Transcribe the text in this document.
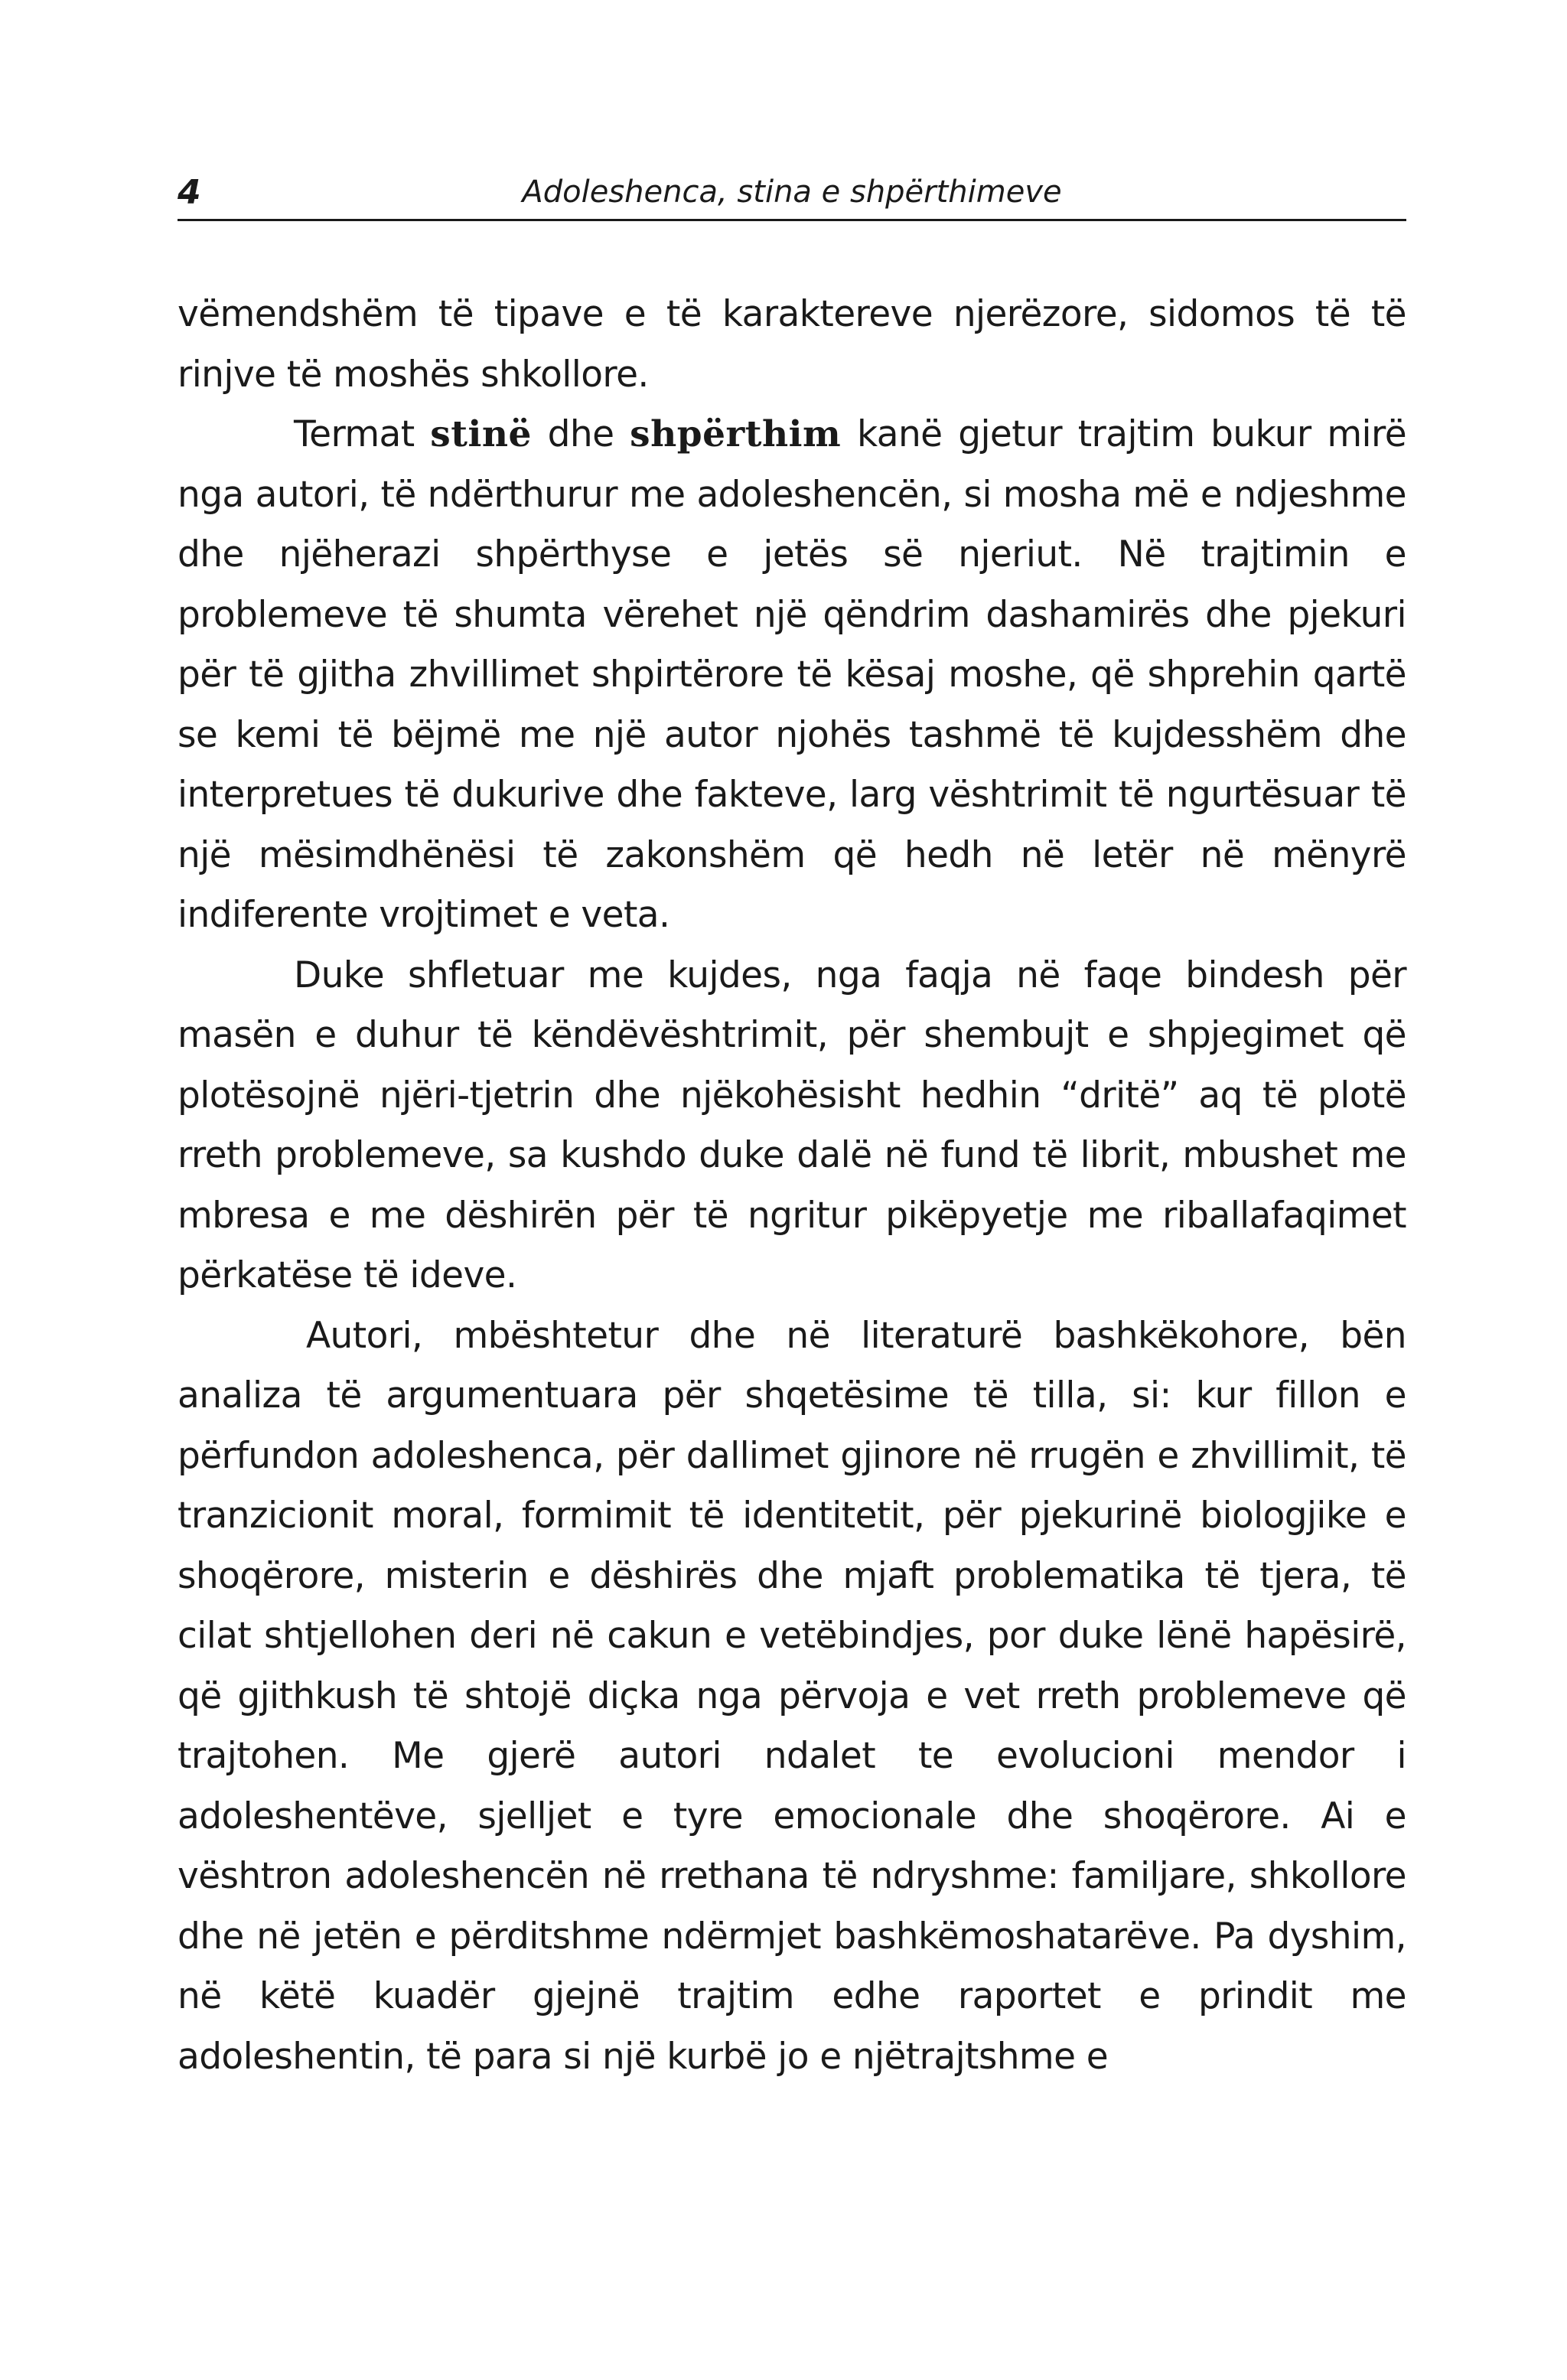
4	Adoleshenca, stina e shpërthimeve

vëmendshëm të tipave e të karaktereve njerëzore, sidomos të të rinjve të moshës shkollore.

Termat stinë dhe shpërthim kanë gjetur trajtim bukur mirë nga autori, të ndërthurur me adoleshencën, si mosha më e ndjeshme dhe njëherazi shpërthyse e jetës së njeriut. Në trajtimin e problemeve të shumta vërehet një qëndrim dashamirës dhe pjekuri për të gjitha zhvillimet shpirtërore të kësaj moshe, që shprehin qartë se kemi të bëjmë me një autor njohës tashmë të kujdesshëm dhe interpretues të dukurive dhe fakteve, larg vështrimit të ngurtësuar të një mësimdhënësi të zakonshëm që hedh në letër në mënyrë indiferente vrojtimet e veta.

Duke shfletuar me kujdes, nga faqja në faqe bindesh për masën e duhur të këndëvështrimit, për shembujt e shpjegimet që plotësojnë njëri-tjetrin dhe njëkohësisht hedhin “dritë” aq të plotë rreth problemeve, sa kushdo duke dalë në fund të librit, mbushet me mbresa e me dëshirën për të ngritur pikëpyetje me riballafaqimet përkatëse të ideve.

Autori, mbështetur dhe në literaturë bashkëkohore, bën analiza të argumentuara për shqetësime të tilla, si: kur fillon e përfundon adoleshenca, për dallimet gjinore në rrugën e zhvillimit, të tranzicionit moral, formimit të identitetit, për pjekurinë biologjike e shoqërore, misterin e dëshirës dhe mjaft problematika të tjera, të cilat shtjellohen deri në cakun e vetëbindjes, por duke lënë hapësirë, që gjithkush të shtojë diçka nga përvoja e vet rreth problemeve që trajtohen. Me gjerë autori ndalet te evolucioni mendor i adoleshentëve, sjelljet e tyre emocionale dhe shoqërore. Ai e vështron adoleshencën në rrethana të ndryshme: familjare, shkollore dhe në jetën e përditshme ndërmjet bashkëmoshatarëve. Pa dyshim, në këtë kuadër gjejnë trajtim edhe raportet e prindit me adoleshentin, të para si një kurbë jo e njëtrajtshme e
